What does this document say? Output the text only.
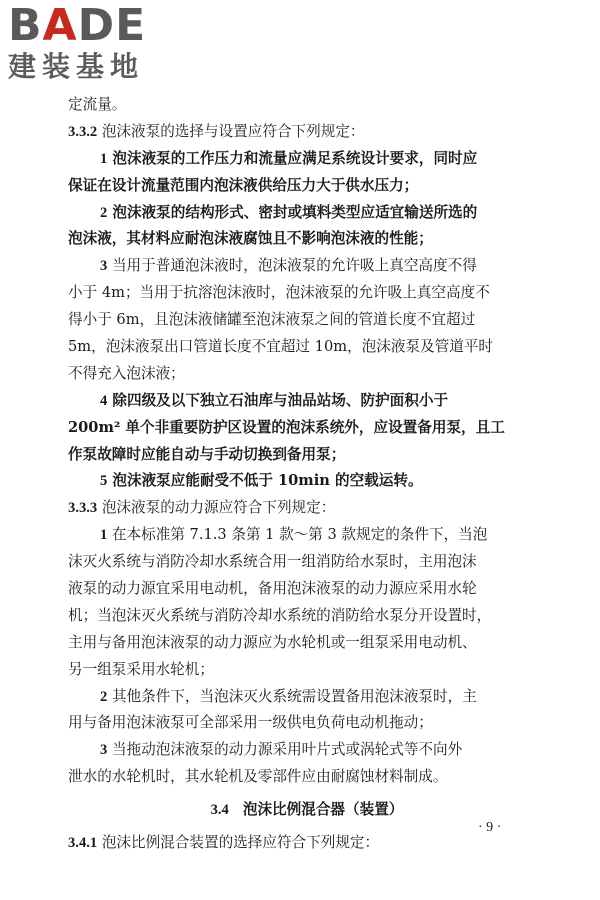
BADE
建装基地
定流量。
3.3.2 泡沫液泵的选择与设置应符合下列规定：
1 泡沫液泵的工作压力和流量应满足系统设计要求，同时应
保证在设计流量范围内泡沫液供给压力大于供水压力；
2 泡沫液泵的结构形式、密封或填料类型应适宜输送所选的
泡沫液，其材料应耐泡沫液腐蚀且不影响泡沫液的性能；
3 当用于普通泡沫液时，泡沫液泵的允许吸上真空高度不得
小于 4m；当用于抗溶泡沫液时，泡沫液泵的允许吸上真空高度不
得小于 6m，且泡沫液储罐至泡沫液泵之间的管道长度不宜超过
5m，泡沫液泵出口管道长度不宜超过 10m，泡沫液泵及管道平时
不得充入泡沫液；
4 除四级及以下独立石油库与油品站场、防护面积小于
200m² 单个非重要防护区设置的泡沫系统外，应设置备用泵，且工
作泵故障时应能自动与手动切换到备用泵；
5 泡沫液泵应能耐受不低于 10min 的空载运转。
3.3.3 泡沫液泵的动力源应符合下列规定：
1 在本标准第 7.1.3 条第 1 款～第 3 款规定的条件下，当泡
沫灭火系统与消防冷却水系统合用一组消防给水泵时，主用泡沫
液泵的动力源宜采用电动机，备用泡沫液泵的动力源应采用水轮
机；当泡沫灭火系统与消防冷却水系统的消防给水泵分开设置时，
主用与备用泡沫液泵的动力源应为水轮机或一组泵采用电动机、
另一组泵采用水轮机；
2 其他条件下，当泡沫灭火系统需设置备用泡沫液泵时，主
用与备用泡沫液泵可全部采用一级供电负荷电动机拖动；
3 当拖动泡沫液泵的动力源采用叶片式或涡轮式等不向外
泄水的水轮机时，其水轮机及零部件应由耐腐蚀材料制成。
3.4 泡沫比例混合器（装置）
3.4.1 泡沫比例混合装置的选择应符合下列规定：
· 9 ·
